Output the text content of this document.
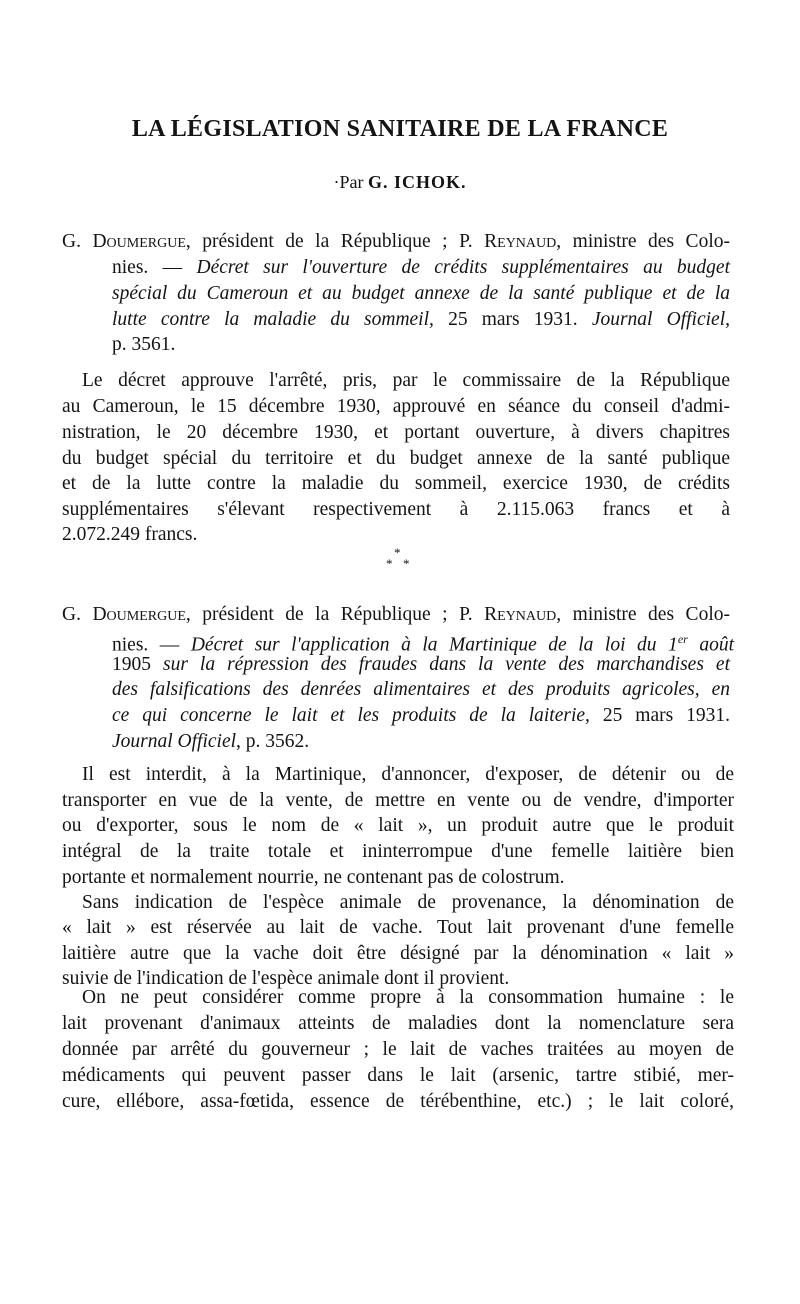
LA LÉGISLATION SANITAIRE DE LA FRANCE
·Par G. ICHOK.
G. Doumergue, président de la République ; P. Reynaud, ministre des Colo-
nies. — Décret sur l'ouverture de crédits supplémentaires au budget
spécial du Cameroun et au budget annexe de la santé publique et de la
lutte contre la maladie du sommeil, 25 mars 1931. Journal Officiel,
p. 3561.
Le décret approuve l'arrêté, pris, par le commissaire de la République
au Cameroun, le 15 décembre 1930, approuvé en séance du conseil d'admi-
nistration, le 20 décembre 1930, et portant ouverture, à divers chapitres
du budget spécial du territoire et du budget annexe de la santé publique
et de la lutte contre la maladie du sommeil, exercice 1930, de crédits
supplémentaires s'élevant respectivement à 2.115.063 francs et à
2.072.249 francs.
*
* *
G. Doumergue, président de la République ; P. Reynaud, ministre des Colo-
nies. — Décret sur l'application à la Martinique de la loi du 1er août
1905 sur la répression des fraudes dans la vente des marchandises et
des falsifications des denrées alimentaires et des produits agricoles, en
ce qui concerne le lait et les produits de la laiterie, 25 mars 1931.
Journal Officiel, p. 3562.
Il est interdit, à la Martinique, d'annoncer, d'exposer, de détenir ou de
transporter en vue de la vente, de mettre en vente ou de vendre, d'importer
ou d'exporter, sous le nom de « lait », un produit autre que le produit
intégral de la traite totale et ininterrompue d'une femelle laitière bien
portante et normalement nourrie, ne contenant pas de colostrum.
Sans indication de l'espèce animale de provenance, la dénomination de
« lait » est réservée au lait de vache. Tout lait provenant d'une femelle
laitière autre que la vache doit être désigné par la dénomination « lait »
suivie de l'indication de l'espèce animale dont il provient.
On ne peut considérer comme propre à la consommation humaine : le
lait provenant d'animaux atteints de maladies dont la nomenclature sera
donnée par arrêté du gouverneur ; le lait de vaches traitées au moyen de
médicaments qui peuvent passer dans le lait (arsenic, tartre stibié, mer-
cure, ellébore, assa-fœtida, essence de térébenthine, etc.) ; le lait coloré,
